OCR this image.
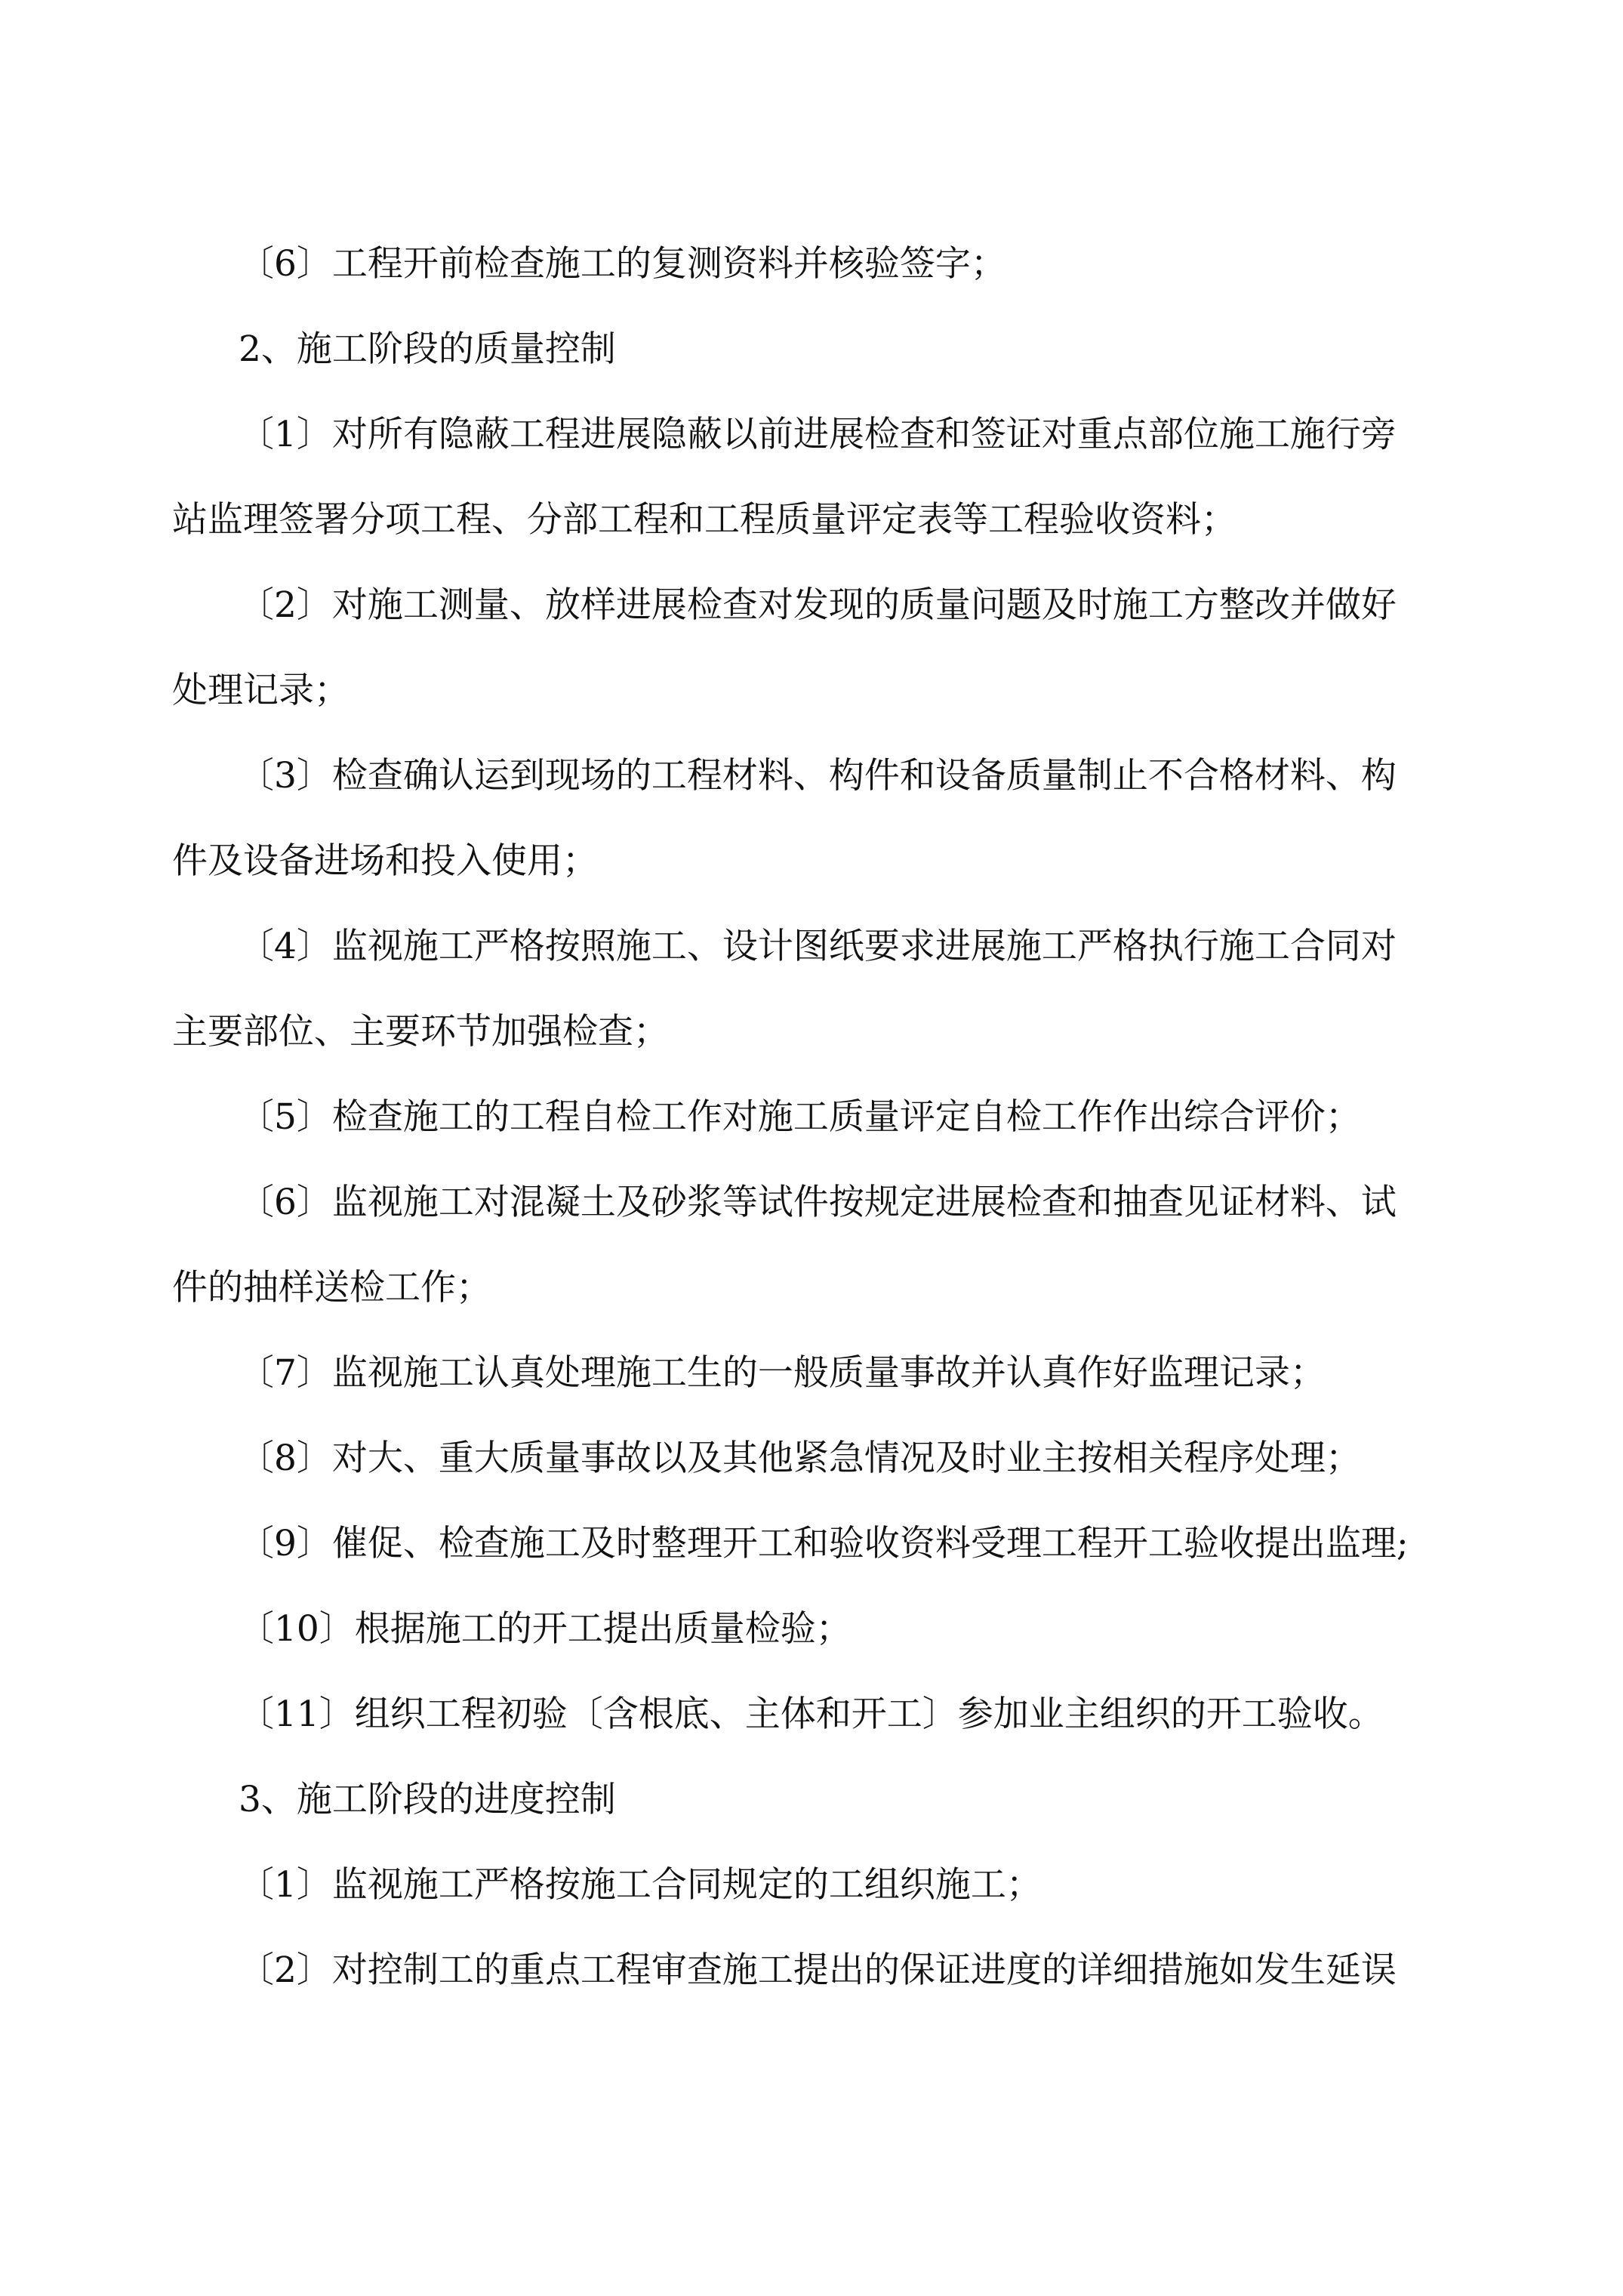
〔6〕工程开前检查施工的复测资料并核验签字；
2、施工阶段的质量控制
〔1〕对所有隐蔽工程进展隐蔽以前进展检查和签证对重点部位施工施行旁
站监理签署分项工程、分部工程和工程质量评定表等工程验收资料；
〔2〕对施工测量、放样进展检查对发现的质量问题及时施工方整改并做好
处理记录；
〔3〕检查确认运到现场的工程材料、构件和设备质量制止不合格材料、构
件及设备进场和投入使用；
〔4〕监视施工严格按照施工、设计图纸要求进展施工严格执行施工合同对
主要部位、主要环节加强检查；
〔5〕检查施工的工程自检工作对施工质量评定自检工作作出综合评价；
〔6〕监视施工对混凝土及砂浆等试件按规定进展检查和抽查见证材料、试
件的抽样送检工作；
〔7〕监视施工认真处理施工生的一般质量事故并认真作好监理记录；
〔8〕对大、重大质量事故以及其他紧急情况及时业主按相关程序处理；
〔9〕催促、检查施工及时整理开工和验收资料受理工程开工验收提出监理;
〔10〕根据施工的开工提出质量检验；
〔11〕组织工程初验〔含根底、主体和开工〕参加业主组织的开工验收。
3、施工阶段的进度控制
〔1〕监视施工严格按施工合同规定的工组织施工；
〔2〕对控制工的重点工程审查施工提出的保证进度的详细措施如发生延误
